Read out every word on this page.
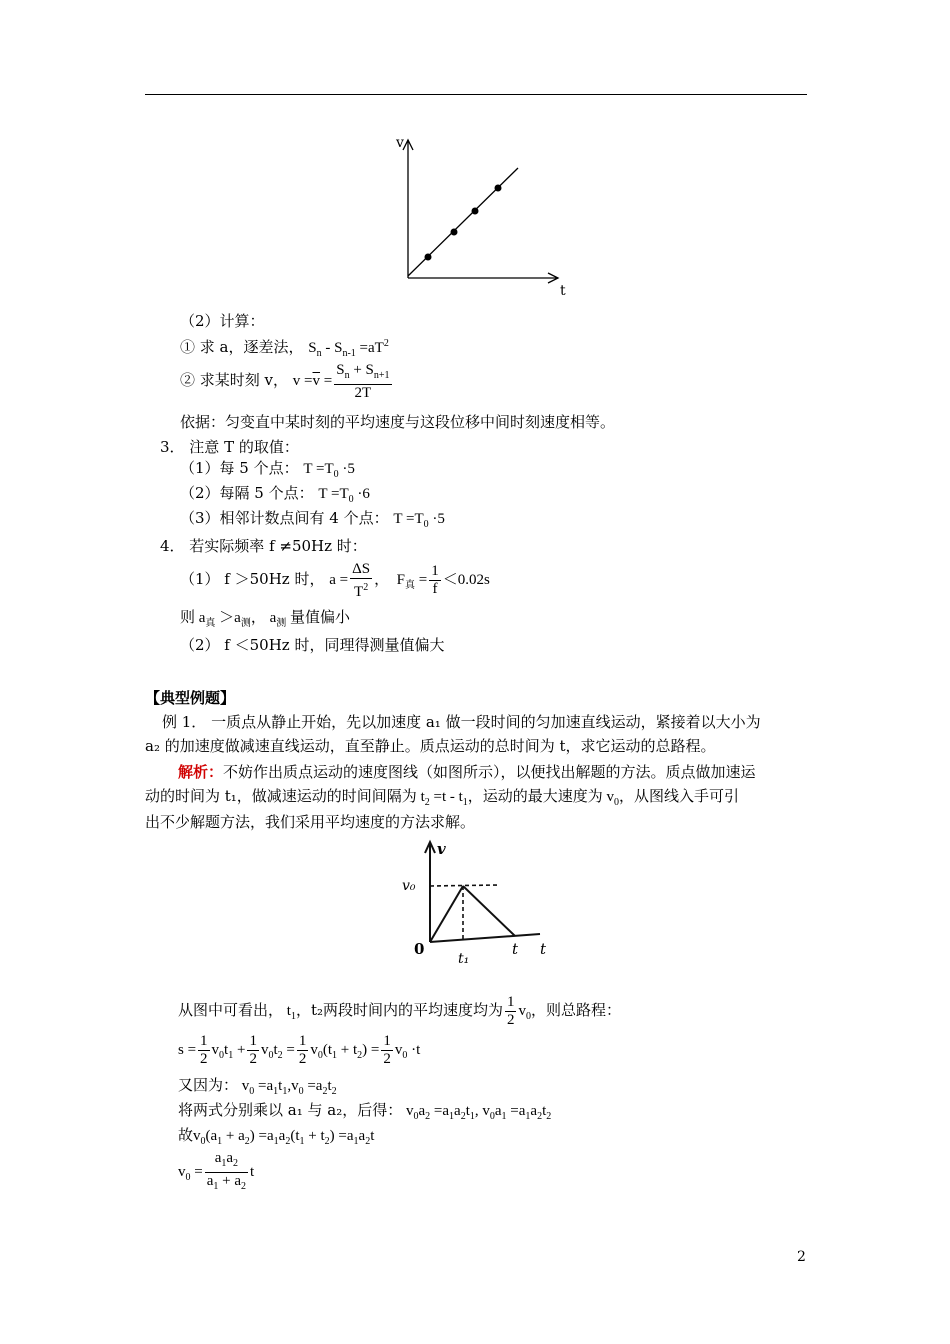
v
t
（2）计算：
① 求 a，逐差法， $S_n - S_{n-1} =aT^2$
② 求某时刻 v， $v =\overline{v} = \frac{S_n + S_{n+1}}{2T}$
依据：匀变直中某时刻的平均速度与这段位移中间时刻速度相等。
3． 注意 T 的取值：
（1）每 5 个点： $T =T_0 \cdot 5$
（2）每隔 5 个点： $T =T_0 \cdot 6$
（3）相邻计数点间有 4 个点： $T =T_0 \cdot 5$
4． 若实际频率 f ≠50Hz 时：
（1） f ＞50Hz 时， $a = \frac{\Delta S}{T^2}$ ，  $F_真 = \frac{1}{f} <0.02s$
则 $a_真 >a_测$， $a_测$ 量值偏小
（2） f ＜50Hz 时，同理得测量值偏大
【典型例题】
例 1． 一质点从静止开始，先以加速度 a₁ 做一段时间的匀加速直线运动，紧接着以大小为
a₂ 的加速度做减速直线运动，直至静止。质点运动的总时间为 t，求它运动的总路程。
解析：不妨作出质点运动的速度图线（如图所示），以便找出解题的方法。质点做加速运
动的时间为 t₁，做减速运动的时间间隔为 $t_2 =t - t_1$，运动的最大速度为 $v_0$，从图线入手可引
出不少解题方法，我们采用平均速度的方法求解。
v
v₀
0
t₁
t t
从图中可看出， $t_1$，t₂两段时间内的平均速度均为 $\frac{1}{2} v_0$，则总路程：
$s = \frac{1}{2} v_0t_1 + \frac{1}{2} v_0t_2 = \frac{1}{2} v_0(t_1 + t_2) = \frac{1}{2} v_0 \cdot t$
又因为： $v_0 =a_1t_1,v_0 =a_2t_2$
将两式分别乘以 a₁ 与 a₂，后得： $v_0a_2 =a_1a_2t_1$, $v_0a_1 =a_1a_2t_2$
故$v_0(a_1 + a_2) =a_1a_2(t_1 + t_2) =a_1a_2t$
$v_0 = \frac{a_1a_2}{a_1 + a_2}$ t
2
